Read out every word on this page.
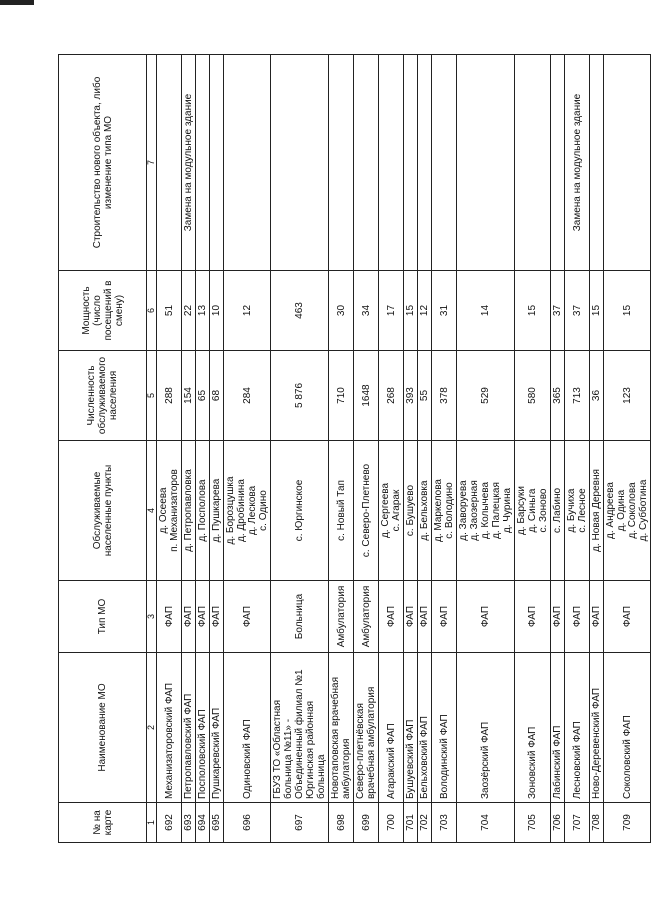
№ на карте	Наименование МО	Тип МО	Обслуживаемые населенные пункты	Численность обслуживаемого населения	Мощность (число посещений в смену)	Строительство нового объекта, либо изменение типа МО
1	2	3	4	5	6	7
692	Механизаторовский ФАП	ФАП	д. Осеева п. Механизаторов	288	51	
693	Петропавловский ФАП	ФАП	д. Петропавловка	154	22	Замена на модульное здание
694	Посполовский ФАП	ФАП	д. Посполова	65	13	
695	Пушкаревский ФАП	ФАП	д. Пушкарева	68	10	
696	Одиновский ФАП	ФАП	д. Борозцушка д. Дробинина д. Лескова с. Одино	284	12	
697	ГБУЗ ТО «Областная больница №11» - Объединенный филиал №1 Юргинская районная больница	Больница	с. Юргинское	5 876	463	
698	Новотаповская врачебная амбулатория	Амбулатория	с. Новый Тап	710	30	
699	Северо-плетнёвская врачебная амбулатория	Амбулатория	с. Северо-Плетнево	1648	34	
700	Агаракский ФАП	ФАП	д. Сергеева с. Агарак	268	17	
701	Бушуевский ФАП	ФАП	с. Бушуево	393	15	
702	Бельховский ФАП	ФАП	д. Бельховка	55	12	
703	Володинский ФАП	ФАП	д. Маркелова с. Володино	378	31	
704	Заозёрский ФАП	ФАП	д. Заворуева д. Заозерная д. Колычева д. Палецкая д. Чурина	529	14	
705	Зоновский ФАП	ФАП	д. Барсуки д. Синьга с. Зоново	580	15	
706	Лабинский ФАП	ФАП	с. Лабино	365	37	
707	Лесновский ФАП	ФАП	д. Бучиха с. Лесное	713	37	Замена на модульное здание
708	Ново-Деревенский ФАП	ФАП	д. Новая Деревня	36	15	
709	Соколовский ФАП	ФАП	д. Андреева д. Одина д. Соколова д. Субботина	123	15	
